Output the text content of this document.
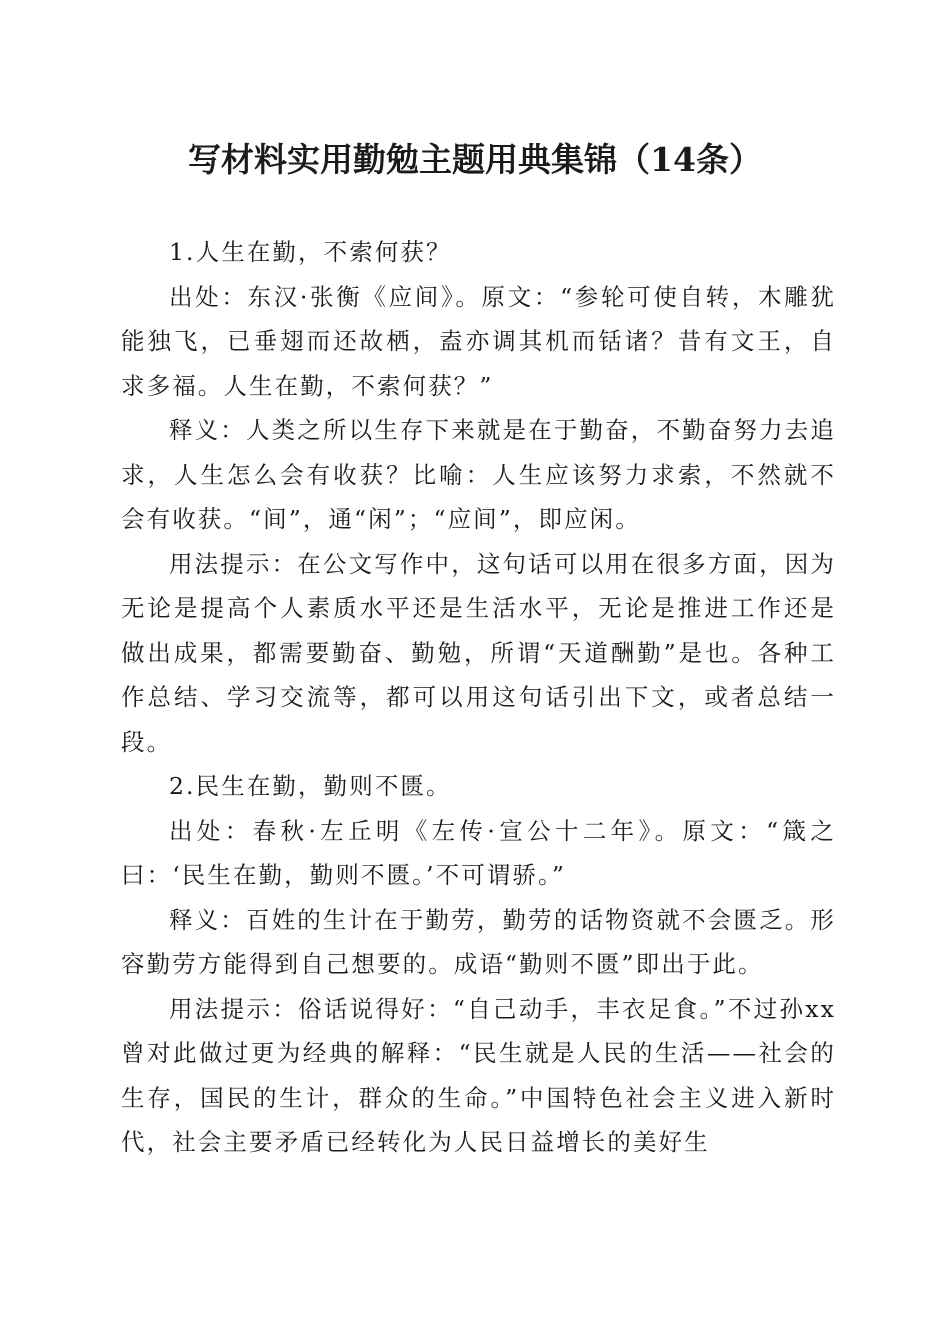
写材料实用勤勉主题用典集锦（14条）

1.人生在勤，不索何获？

出处：东汉·张衡《应间》。原文：“参轮可使自转，木雕犹能独飞，已垂翅而还故栖，盍亦调其机而铦诸？昔有文王，自求多福。人生在勤，不索何获？”

释义：人类之所以生存下来就是在于勤奋，不勤奋努力去追求，人生怎么会有收获？比喻：人生应该努力求索，不然就不会有收获。“间”，通“闲”；“应间”，即应闲。

用法提示：在公文写作中，这句话可以用在很多方面，因为无论是提高个人素质水平还是生活水平，无论是推进工作还是做出成果，都需要勤奋、勤勉，所谓“天道酬勤”是也。各种工作总结、学习交流等，都可以用这句话引出下文，或者总结一段。

2.民生在勤，勤则不匮。

出处：春秋·左丘明《左传·宣公十二年》。原文：“箴之曰：‘民生在勤，勤则不匮。’不可谓骄。”

释义：百姓的生计在于勤劳，勤劳的话物资就不会匮乏。形容勤劳方能得到自己想要的。成语“勤则不匮”即出于此。

用法提示：俗话说得好：“自己动手，丰衣足食。”不过孙xx曾对此做过更为经典的解释：“民生就是人民的生活——社会的生存，国民的生计，群众的生命。”中国特色社会主义进入新时代，社会主要矛盾已经转化为人民日益增长的美好生
